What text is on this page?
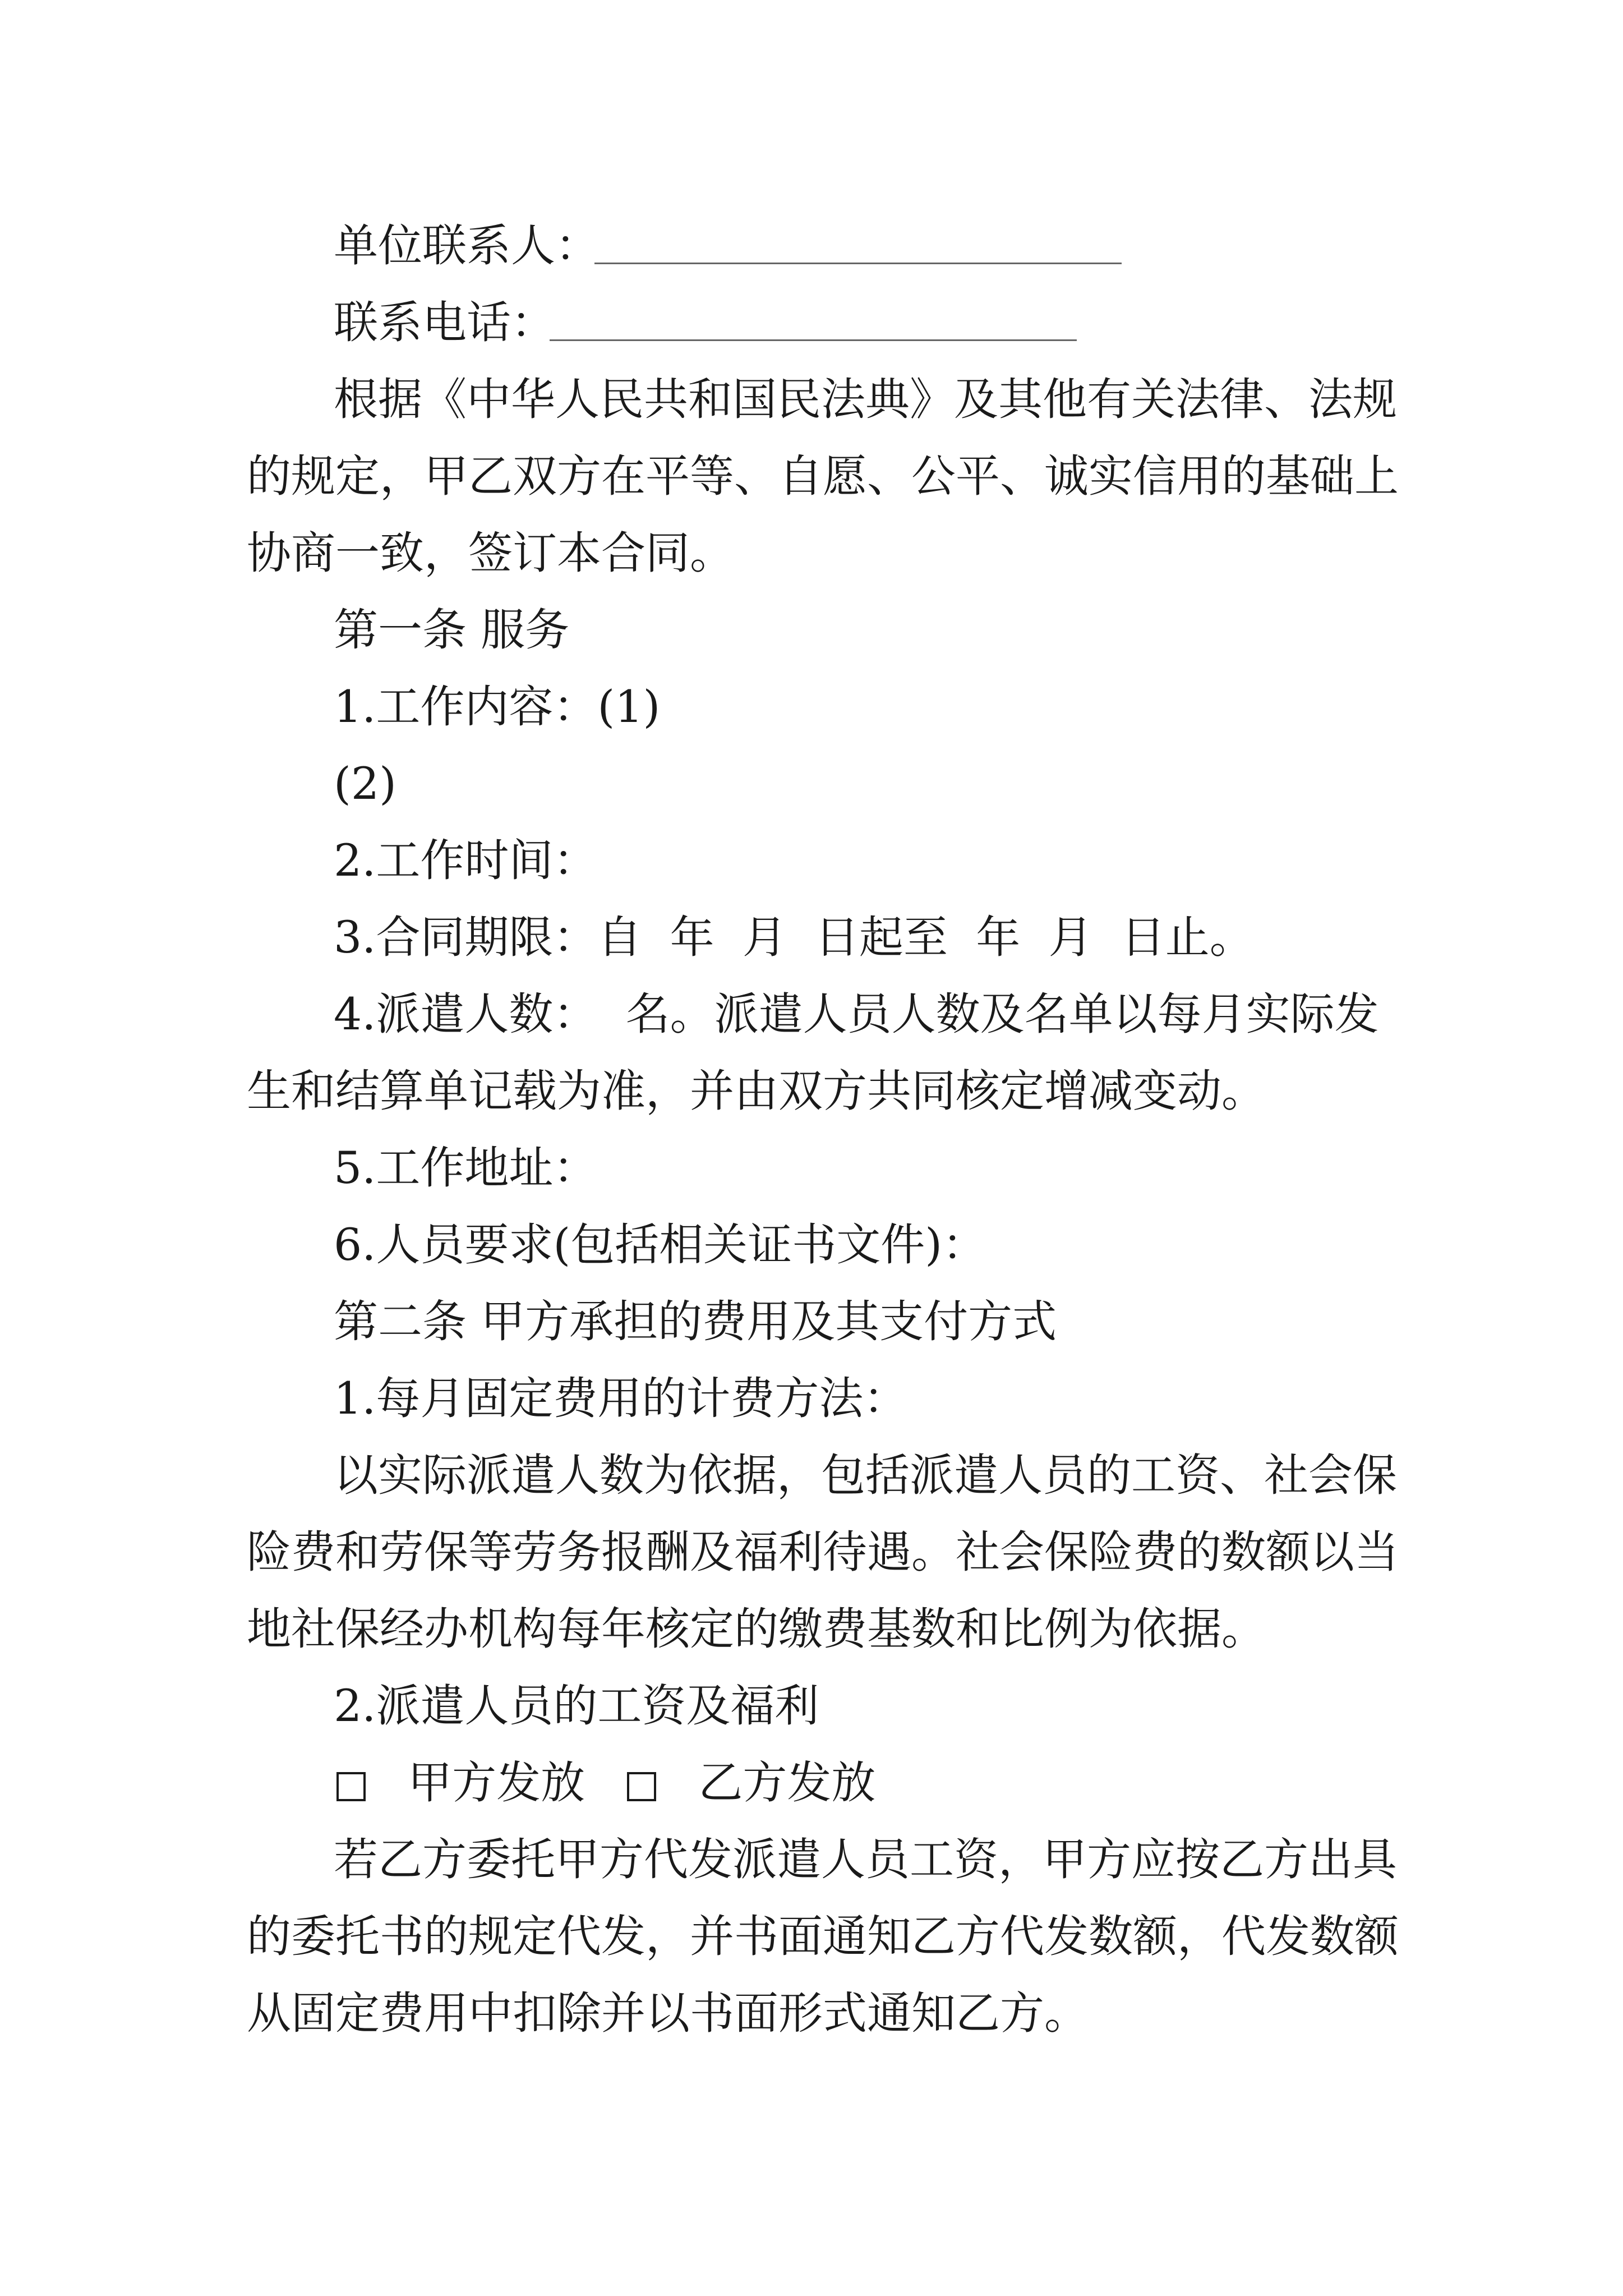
单位联系人：
联系电话：
根据《中华人民共和国民法典》及其他有关法律、法规
的规定，甲乙双方在平等、自愿、公平、诚实信用的基础上
协商一致，签订本合同。
第一条 服务
1.工作内容：(1)
(2)
2.工作时间：
3.合同期限：自  年  月  日起至  年  月  日止。
4.派遣人数：  名。派遣人员人数及名单以每月实际发
生和结算单记载为准，并由双方共同核定增减变动。
5.工作地址：
6.人员要求(包括相关证书文件)：
第二条 甲方承担的费用及其支付方式
1.每月固定费用的计费方法：
以实际派遣人数为依据，包括派遣人员的工资、社会保
险费和劳保等劳务报酬及福利待遇。社会保险费的数额以当
地社保经办机构每年核定的缴费基数和比例为依据。
2.派遣人员的工资及福利
甲方发放	乙方发放
若乙方委托甲方代发派遣人员工资，甲方应按乙方出具
的委托书的规定代发，并书面通知乙方代发数额，代发数额
从固定费用中扣除并以书面形式通知乙方。
